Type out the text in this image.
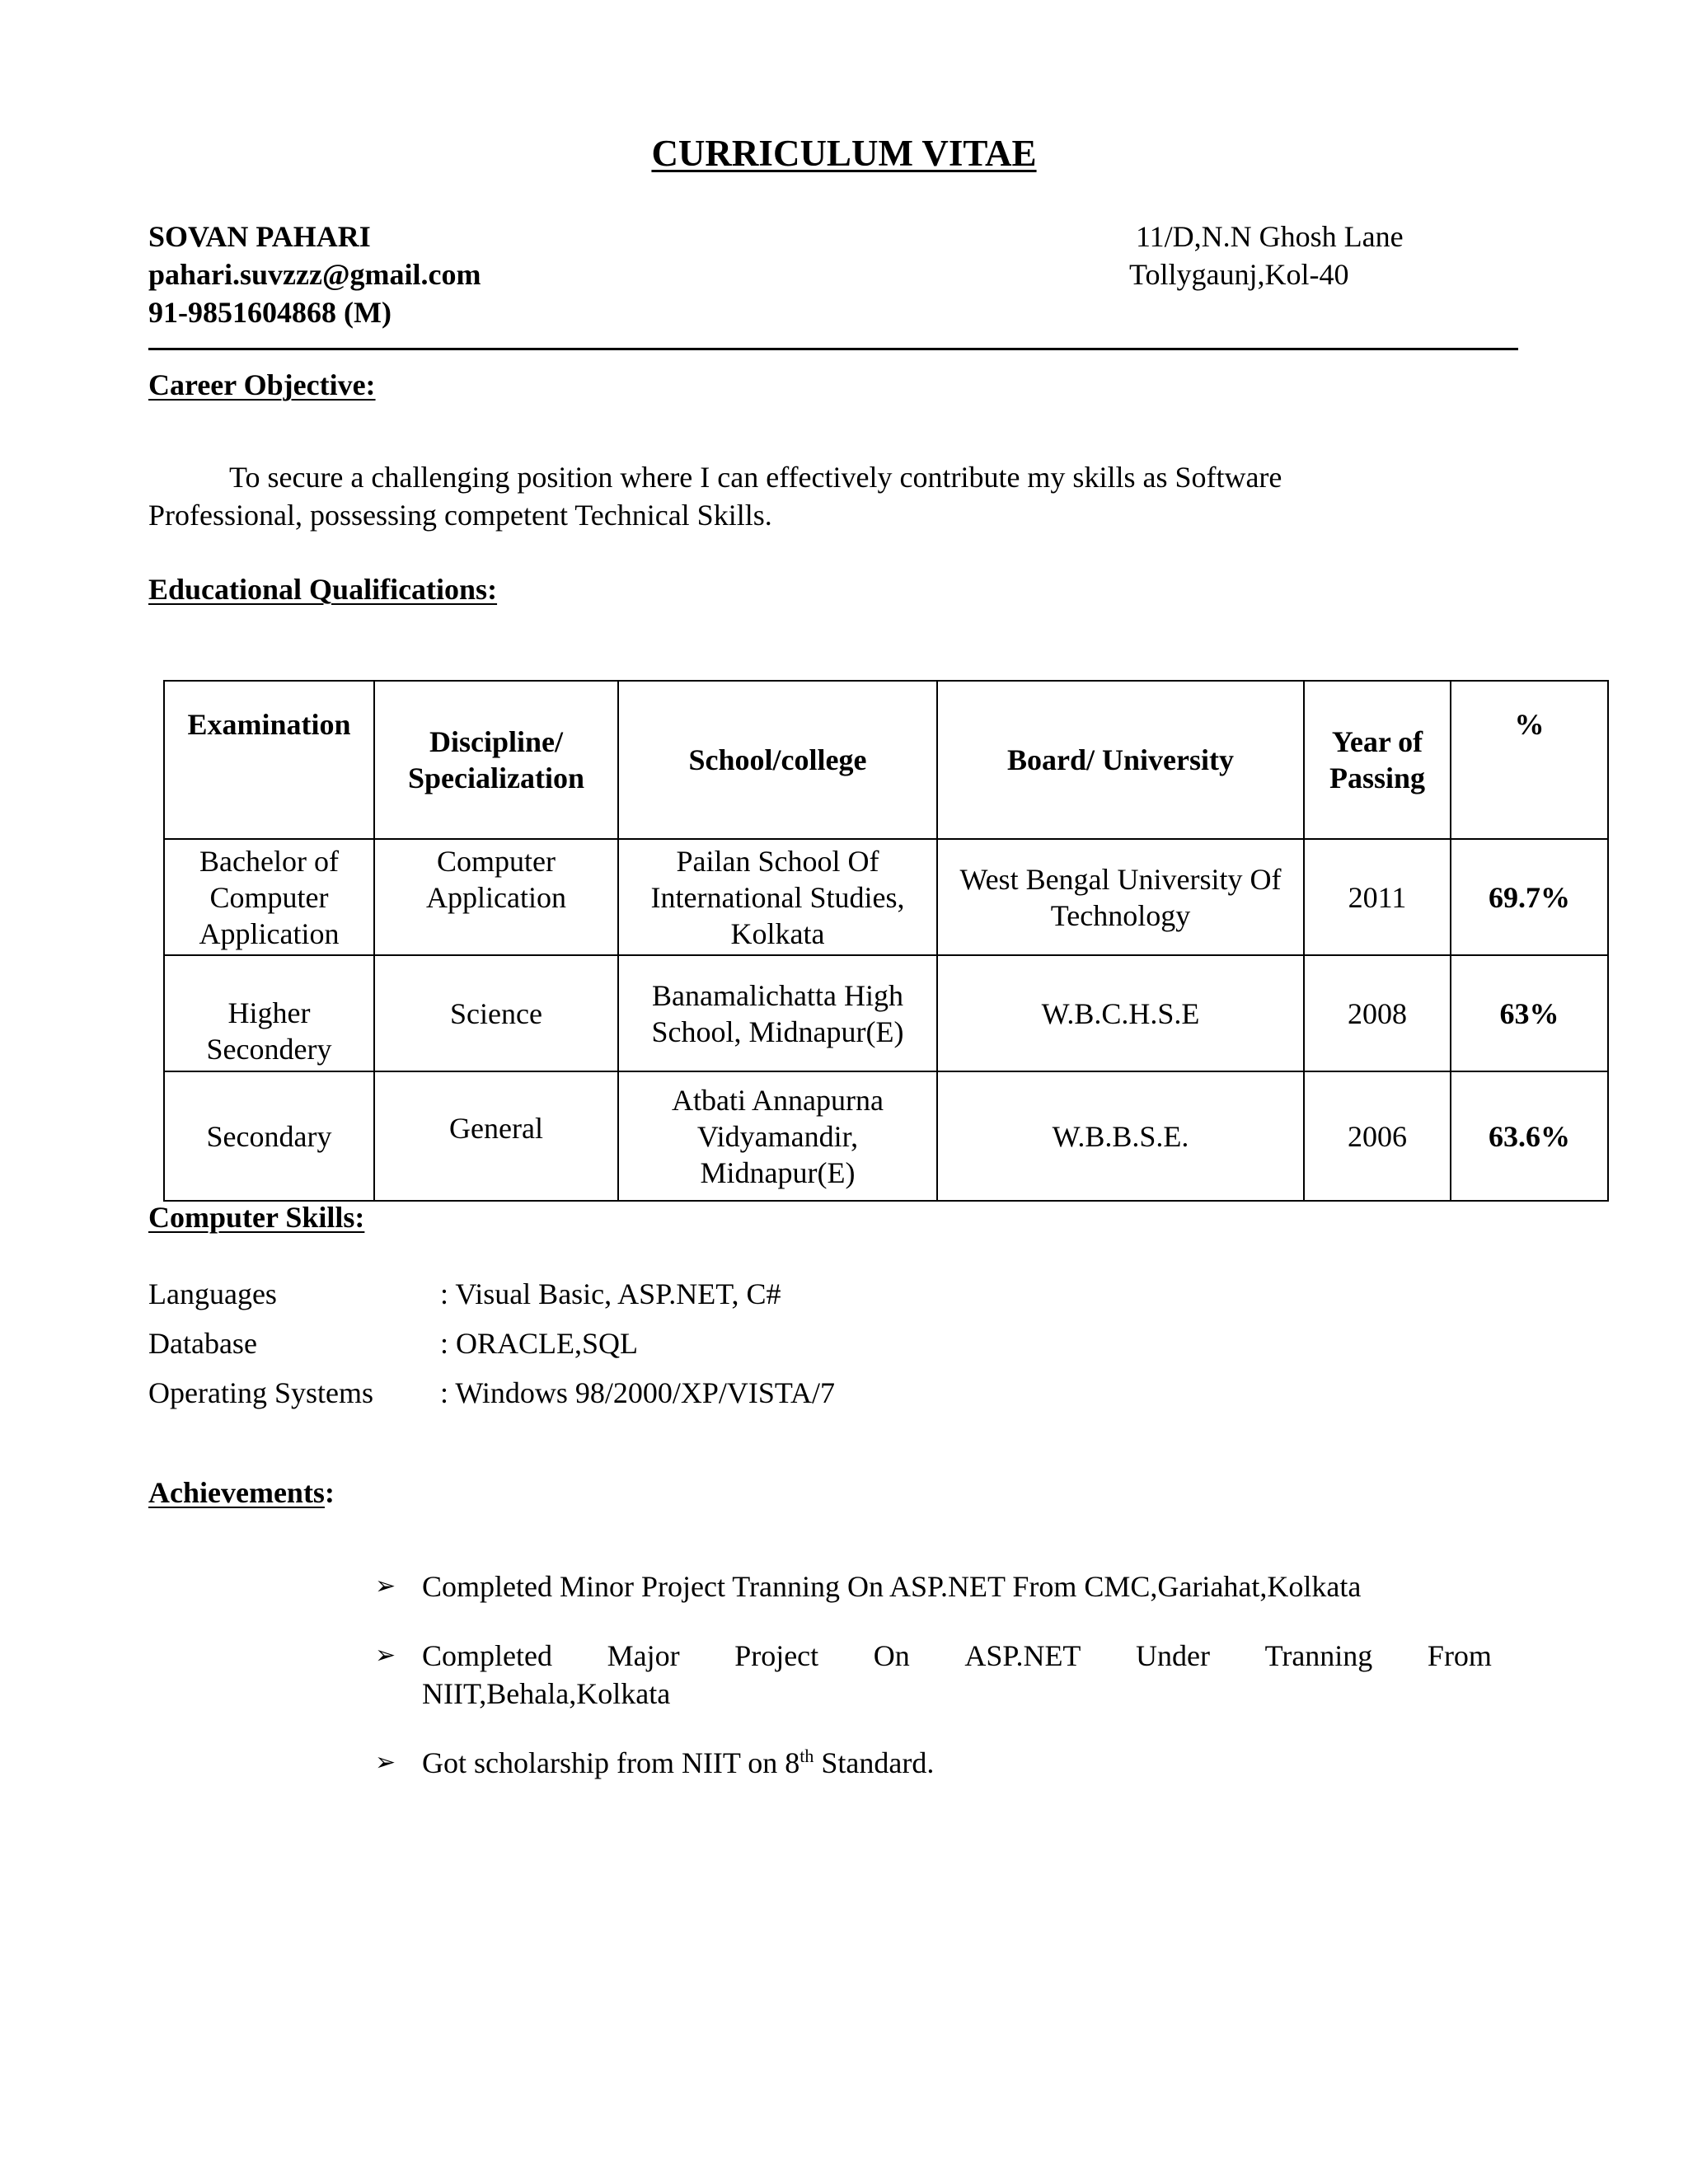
CURRICULUM VITAE
SOVAN PAHARI
pahari.suvzzz@gmail.com
91-9851604868 (M)
11/D,N.N Ghosh Lane
Tollygaunj,Kol-40
Career Objective:
To secure a challenging position where I can effectively contribute my skills as Software Professional, possessing competent Technical Skills.
Educational Qualifications:
Examination	Discipline/ Specialization	School/college	Board/ University	Year of Passing	%
Bachelor of Computer Application	Computer Application	Pailan School Of International Studies, Kolkata	West Bengal University Of Technology	2011	69.7%
Higher Secondery	Science	Banamalichatta High School, Midnapur(E)	W.B.C.H.S.E	2008	63%
Secondary	General	Atbati Annapurna Vidyamandir, Midnapur(E)	W.B.B.S.E.	2006	63.6%
Computer Skills:
Languages	: Visual Basic, ASP.NET, C#
Database	: ORACLE,SQL
Operating Systems	: Windows 98/2000/XP/VISTA/7
Achievements:
➢ Completed Minor Project Tranning On ASP.NET From CMC,Gariahat,Kolkata
➢ Completed Major Project On ASP.NET Under Tranning From
NIIT,Behala,Kolkata
➢ Got scholarship from NIIT on 8th Standard.
